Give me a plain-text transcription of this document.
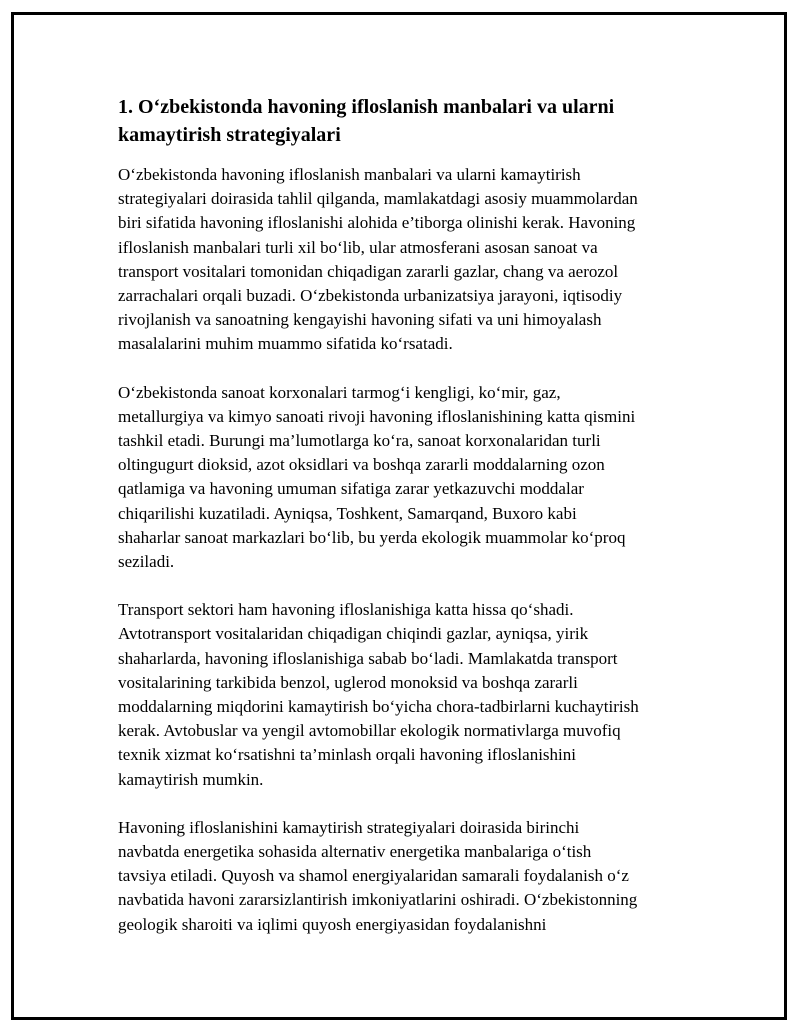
1. O‘zbekistonda havoning ifloslanish manbalari va ularni
kamaytirish strategiyalari

O‘zbekistonda havoning ifloslanish manbalari va ularni kamaytirish
strategiyalari doirasida tahlil qilganda, mamlakatdagi asosiy muammolardan
biri sifatida havoning ifloslanishi alohida e’tiborga olinishi kerak. Havoning
ifloslanish manbalari turli xil bo‘lib, ular atmosferani asosan sanoat va
transport vositalari tomonidan chiqadigan zararli gazlar, chang va aerozol
zarrachalari orqali buzadi. O‘zbekistonda urbanizatsiya jarayoni, iqtisodiy
rivojlanish va sanoatning kengayishi havoning sifati va uni himoyalash
masalalarini muhim muammo sifatida ko‘rsatadi.

O‘zbekistonda sanoat korxonalari tarmog‘i kengligi, ko‘mir, gaz,
metallurgiya va kimyo sanoati rivoji havoning ifloslanishining katta qismini
tashkil etadi. Burungi ma’lumotlarga ko‘ra, sanoat korxonalaridan turli
oltingugurt dioksid, azot oksidlari va boshqa zararli moddalarning ozon
qatlamiga va havoning umuman sifatiga zarar yetkazuvchi moddalar
chiqarilishi kuzatiladi. Ayniqsa, Toshkent, Samarqand, Buxoro kabi
shaharlar sanoat markazlari bo‘lib, bu yerda ekologik muammolar ko‘proq
seziladi.

Transport sektori ham havoning ifloslanishiga katta hissa qo‘shadi.
Avtotransport vositalaridan chiqadigan chiqindi gazlar, ayniqsa, yirik
shaharlarda, havoning ifloslanishiga sabab bo‘ladi. Mamlakatda transport
vositalarining tarkibida benzol, uglerod monoksid va boshqa zararli
moddalarning miqdorini kamaytirish bo‘yicha chora-tadbirlarni kuchaytirish
kerak. Avtobuslar va yengil avtomobillar ekologik normativlarga muvofiq
texnik xizmat ko‘rsatishni ta’minlash orqali havoning ifloslanishini
kamaytirish mumkin.

Havoning ifloslanishini kamaytirish strategiyalari doirasida birinchi
navbatda energetika sohasida alternativ energetika manbalariga o‘tish
tavsiya etiladi. Quyosh va shamol energiyalaridan samarali foydalanish o‘z
navbatida havoni zararsizlantirish imkoniyatlarini oshiradi. O‘zbekistonning
geologik sharoiti va iqlimi quyosh energiyasidan foydalanishni
